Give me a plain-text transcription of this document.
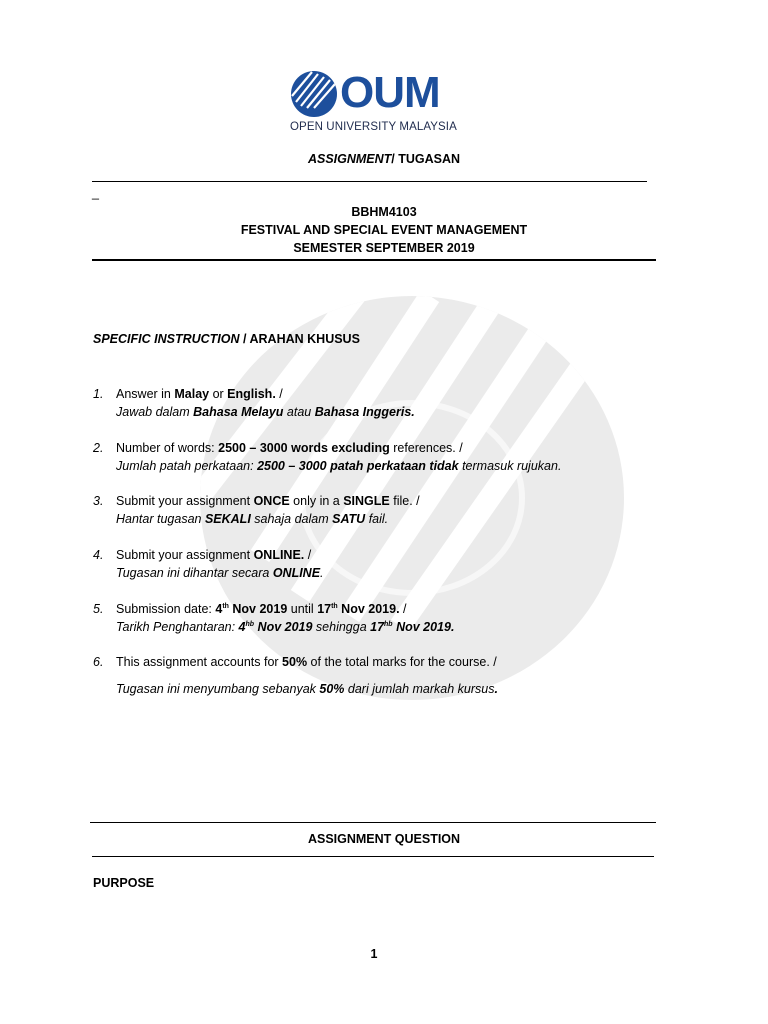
OUM
OPEN UNIVERSITY MALAYSIA
ASSIGNMENT/ TUGASAN
_
BBHM4103
FESTIVAL AND SPECIAL EVENT MANAGEMENT
SEMESTER SEPTEMBER 2019
SPECIFIC INSTRUCTION / ARAHAN KHUSUS
1. Answer in Malay or English. /
Jawab dalam Bahasa Melayu atau Bahasa Inggeris.
2. Number of words: 2500 – 3000 words excluding references. /
Jumlah patah perkataan: 2500 – 3000 patah perkataan tidak termasuk rujukan.
3. Submit your assignment ONCE only in a SINGLE file. /
Hantar tugasan SEKALI sahaja dalam SATU fail.
4. Submit your assignment ONLINE. /
Tugasan ini dihantar secara ONLINE.
5. Submission date: 4th Nov 2019 until 17th Nov 2019. /
Tarikh Penghantaran: $4^{hb}$ Nov 2019 sehingga $17^{hb}$ Nov 2019.
6. This assignment accounts for 50% of the total marks for the course. /
Tugasan ini menyumbang sebanyak 50% dari jumlah markah kursus.
ASSIGNMENT QUESTION
PURPOSE
1
